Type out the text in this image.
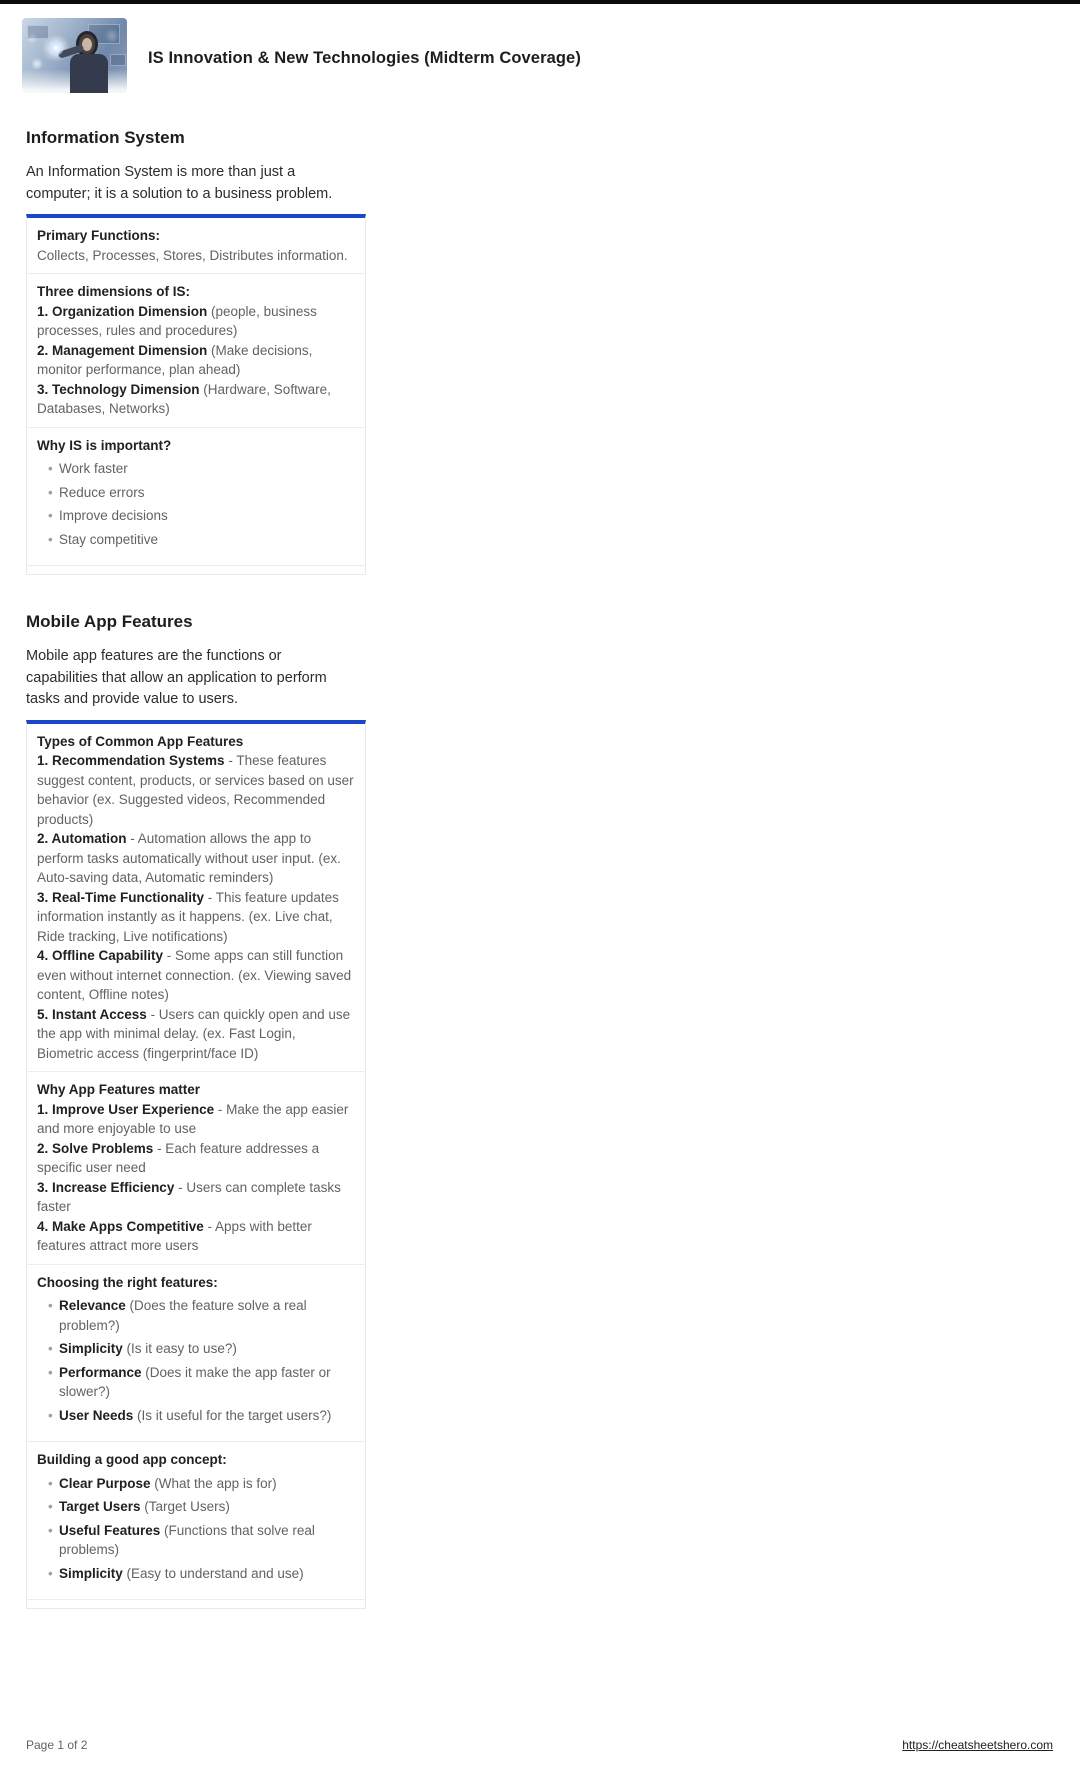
IS Innovation & New Technologies (Midterm Coverage)
Information System

An Information System is more than just a
computer; it is a solution to a business problem.

Primary Functions:

Collects, Processes, Stores, Distributes information.

Three dimensions of IS:

1. Organization Dimension (people, business processes, rules and procedures)

2. Management Dimension (Make decisions, monitor performance, plan ahead)

3. Technology Dimension (Hardware, Software, Databases, Networks)

Why IS is important?

• Work faster
• Reduce errors
• Improve decisions
• Stay competitive
Mobile App Features

Mobile app features are the functions or
capabilities that allow an application to perform
tasks and provide value to users.

Types of Common App Features

1. Recommendation Systems - These features suggest content, products, or services based on user behavior (ex. Suggested videos, Recommended products)

2. Automation - Automation allows the app to perform tasks automatically without user input. (ex. Auto-saving data, Automatic reminders)

3. Real-Time Functionality - This feature updates information instantly as it happens. (ex. Live chat, Ride tracking, Live notifications)

4. Offline Capability - Some apps can still function even without internet connection. (ex. Viewing saved content, Offline notes)

5. Instant Access - Users can quickly open and use the app with minimal delay. (ex. Fast Login, Biometric access (fingerprint/face ID)

Why App Features matter

1. Improve User Experience - Make the app easier and more enjoyable to use

2. Solve Problems - Each feature addresses a specific user need

3. Increase Efficiency - Users can complete tasks faster

4. Make Apps Competitive - Apps with better features attract more users

Choosing the right features:

• Relevance (Does the feature solve a real problem?)
• Simplicity (Is it easy to use?)
• Performance (Does it make the app faster or slower?)
• User Needs (Is it useful for the target users?)

Building a good app concept:

• Clear Purpose (What the app is for)
• Target Users (Target Users)
• Useful Features (Functions that solve real problems)
• Simplicity (Easy to understand and use)
Page 1 of 2	https://cheatsheetshero.com
